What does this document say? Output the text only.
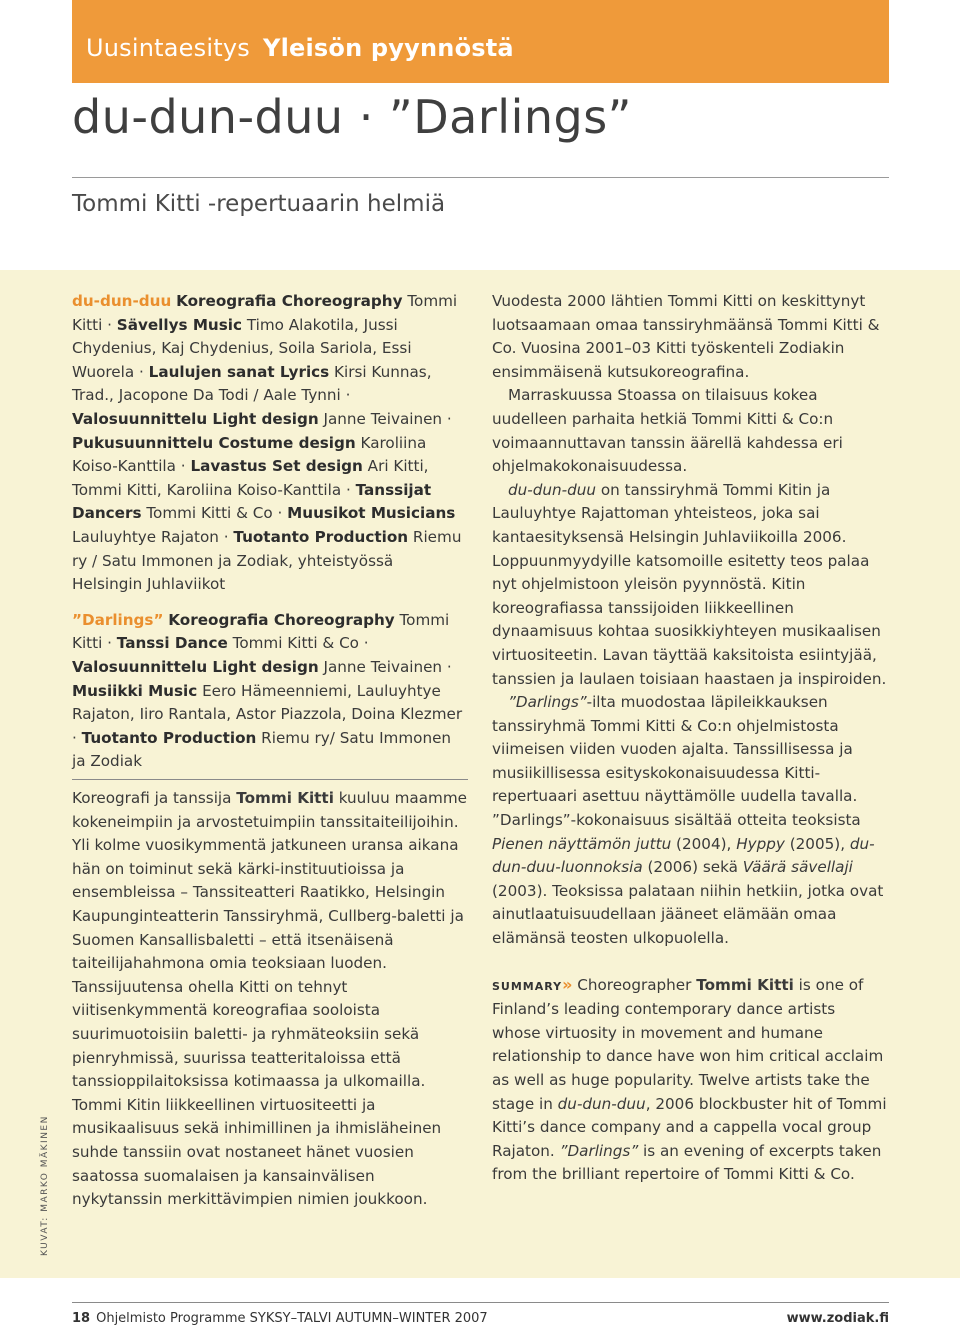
Uusintaesitys Yleisön pyynnöstä
du-dun-duu · ”Darlings”
Tommi Kitti -repertuaarin helmiä

du-dun-duu Koreografia Choreography Tommi Kitti · Sävellys Music Timo Alakotila, Jussi Chydenius, Kaj Chydenius, Soila Sariola, Essi Wuorela · Laulujen sanat Lyrics Kirsi Kunnas, Trad., Jacopone Da Todi / Aale Tynni · Valosuunnittelu Light design Janne Teivainen · Pukusuunnittelu Costume design Karoliina Koiso-Kanttila · Lavastus Set design Ari Kitti, Tommi Kitti, Karoliina Koiso-Kanttila · Tanssijat Dancers Tommi Kitti & Co · Muusikot Musicians Lauluyhtye Rajaton · Tuotanto Production Riemu ry / Satu Immonen ja Zodiak, yhteistyössä Helsingin Juhlaviikot

”Darlings” Koreografia Choreography Tommi Kitti · Tanssi Dance Tommi Kitti & Co · Valosuunnittelu Light design Janne Teivainen · Musiikki Music Eero Hämeenniemi, Lauluyhtye Rajaton, Iiro Rantala, Astor Piazzola, Doina Klezmer · Tuotanto Production Riemu ry/ Satu Immonen ja Zodiak

Koreografi ja tanssija Tommi Kitti kuuluu maamme kokeneimpiin ja arvostetuimpiin tanssitaiteilijoihin. Yli kolme vuosikymmentä jatkuneen uransa aikana hän on toiminut sekä kärki-instituutioissa ja ensembleissa – Tanssiteatteri Raatikko, Helsingin Kaupunginteatterin Tanssiryhmä, Cullberg-baletti ja Suomen Kansallisbaletti – että itsenäisenä taiteilijahahmona omia teoksiaan luoden. Tanssijuutensa ohella Kitti on tehnyt viitisenkymmentä koreografiaa sooloista suurimuotoisiin baletti- ja ryhmäteoksiin sekä pienryhmissä, suurissa teatteritaloissa että tanssioppilaitoksissa kotimaassa ja ulkomailla. Tommi Kitin liikkeellinen virtuositeetti ja musikaalisuus sekä inhimillinen ja ihmisläheinen suhde tanssiin ovat nostaneet hänet vuosien saatossa suomalaisen ja kansainvälisen nykytanssin merkittävimpien nimien joukkoon.

Vuodesta 2000 lähtien Tommi Kitti on keskittynyt luotsaamaan omaa tanssiryhmäänsä Tommi Kitti & Co. Vuosina 2001–03 Kitti työskenteli Zodiakin ensimmäisenä kutsukoreografina.

Marraskuussa Stoassa on tilaisuus kokea uudelleen parhaita hetkiä Tommi Kitti & Co:n voimaannuttavan tanssin äärellä kahdessa eri ohjelmakokonaisuudessa.

du-dun-duu on tanssiryhmä Tommi Kitin ja Lauluyhtye Rajattoman yhteisteos, joka sai kantaesityksensä Helsingin Juhlaviikoilla 2006. Loppuunmyydyille katsomoille esitetty teos palaa nyt ohjelmistoon yleisön pyynnöstä. Kitin koreografiassa tanssijoiden liikkeellinen dynaamisuus kohtaa suosikkiyhteyen musikaalisen virtuositeetin. Lavan täyttää kaksitoista esiintyjää, tanssien ja laulaen toisiaan haastaen ja inspiroiden.

”Darlings”-ilta muodostaa läpileikkauksen tanssiryhmä Tommi Kitti & Co:n ohjelmistosta viimeisen viiden vuoden ajalta. Tanssillisessa ja musiikillisessa esityskokonaisuudessa Kitti-repertuaari asettuu näyttämölle uudella tavalla. ”Darlings”-kokonaisuus sisältää otteita teoksista Pienen näyttämön juttu (2004), Hyppy (2005), du-dun-duu-luonnoksia (2006) sekä Väärä sävellaji (2003). Teoksissa palataan niihin hetkiin, jotka ovat ainutlaatuisuudellaan jääneet elämään omaa elämänsä teosten ulkopuolella.

SUMMARY» Choreographer Tommi Kitti is one of Finland’s leading contemporary dance artists whose virtuosity in movement and humane relationship to dance have won him critical acclaim as well as huge popularity. Twelve artists take the stage in du-dun-duu, 2006 blockbuster hit of Tommi Kitti’s dance company and a cappella vocal group Rajaton. ”Darlings” is an evening of excerpts taken from the brilliant repertoire of Tommi Kitti & Co.

KUVAT: MARKO MÄKINEN
18 Ohjelmisto Programme SYKSY–TALVI AUTUMN–WINTER 2007	www.zodiak.fi
